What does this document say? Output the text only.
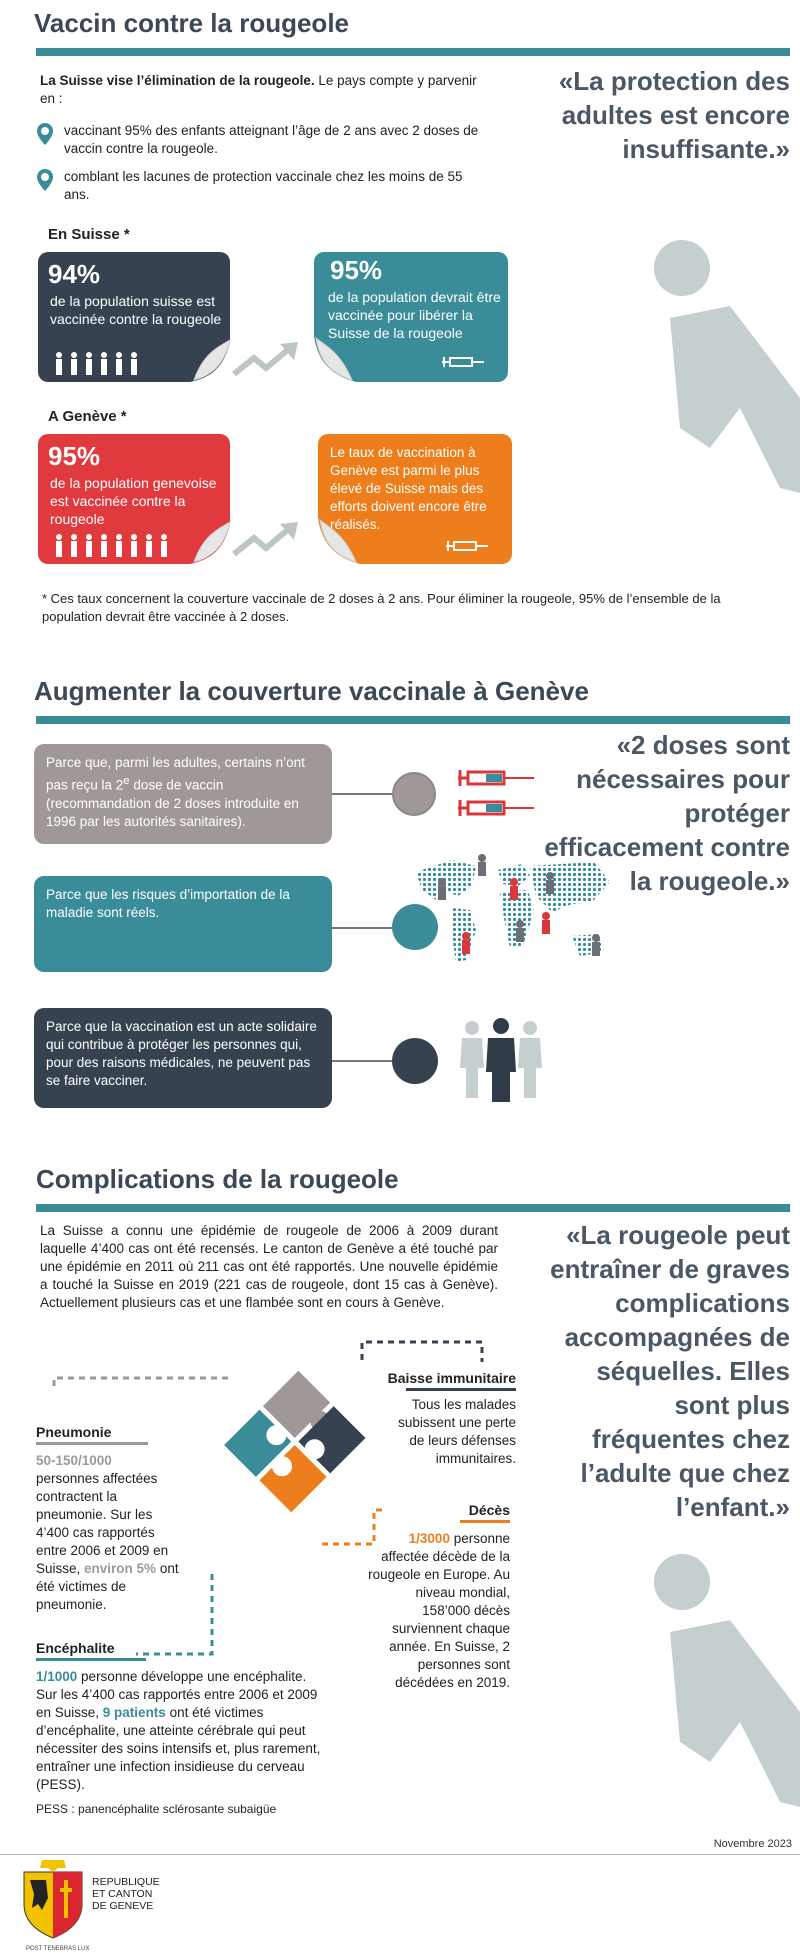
Vaccin contre la rougeole
La Suisse vise l’élimination de la rougeole. Le pays compte y parvenir en :
vaccinant 95% des enfants atteignant l’âge de 2 ans avec 2 doses de vaccin contre la rougeole.
comblant les lacunes de protection vaccinale chez les moins de 55 ans.
«La protection des adultes est encore insuffisante.»
En Suisse *
94%
de la population suisse est vaccinée contre la rougeole
95%
de la population devrait être vaccinée pour libérer la Suisse de la rougeole
A Genève *
95%
de la population genevoise est vaccinée contre la rougeole
Le taux de vaccination à Genève est parmi le plus élevé de Suisse mais des efforts doivent encore être réalisés.
* Ces taux concernent la couverture vaccinale de 2 doses à 2 ans. Pour éliminer la rougeole, 95% de l’ensemble de la population devrait être vaccinée à 2 doses.
Augmenter la couverture vaccinale à Genève
«2 doses sont nécessaires pour protéger efficacement contre la rougeole.»
Parce que, parmi les adultes, certains n’ont pas reçu la 2e dose de vaccin (recommandation de 2 doses introduite en 1996 par les autorités sanitaires).
Parce que les risques d’importation de la maladie sont réels.
Parce que la vaccination est un acte solidaire qui contribue à protéger les personnes qui, pour des raisons médicales, ne peuvent pas se faire vacciner.
Complications de la rougeole
La Suisse a connu une épidémie de rougeole de 2006 à 2009 durant laquelle 4’400 cas ont été recensés. Le canton de Genève a été touché par une épidémie en 2011 où 211 cas ont été rapportés. Une nouvelle épidémie a touché la Suisse en 2019 (221 cas de rougeole, dont 15 cas à Genève). Actuellement plusieurs cas et une flambée sont en cours à Genève.
«La rougeole peut entraîner de graves complications accompagnées de séquelles. Elles sont plus fréquentes chez l’adulte que chez l’enfant.»
Pneumonie
50-150/1000
personnes affectées contractent la pneumonie. Sur les 4’400 cas rapportés entre 2006 et 2009 en Suisse, environ 5% ont été victimes de pneumonie.
Baisse immunitaire
Tous les malades subissent une perte de leurs défenses immunitaires.
Décès
1/3000 personne affectée décède de la rougeole en Europe. Au niveau mondial, 158’000 décès surviennent chaque année. En Suisse, 2 personnes sont décédées en 2019.
Encéphalite
1/1000 personne développe une encéphalite. Sur les 4’400 cas rapportés entre 2006 et 2009 en Suisse, 9 patients ont été victimes d’encéphalite, une atteinte cérébrale qui peut nécessiter des soins intensifs et, plus rarement, entraîner une infection insidieuse du cerveau (PESS).
PESS : panencéphalite sclérosante subaigüe
Novembre 2023
REPUBLIQUE
ET CANTON
DE GENEVE
POST TENEBRAS LUX
